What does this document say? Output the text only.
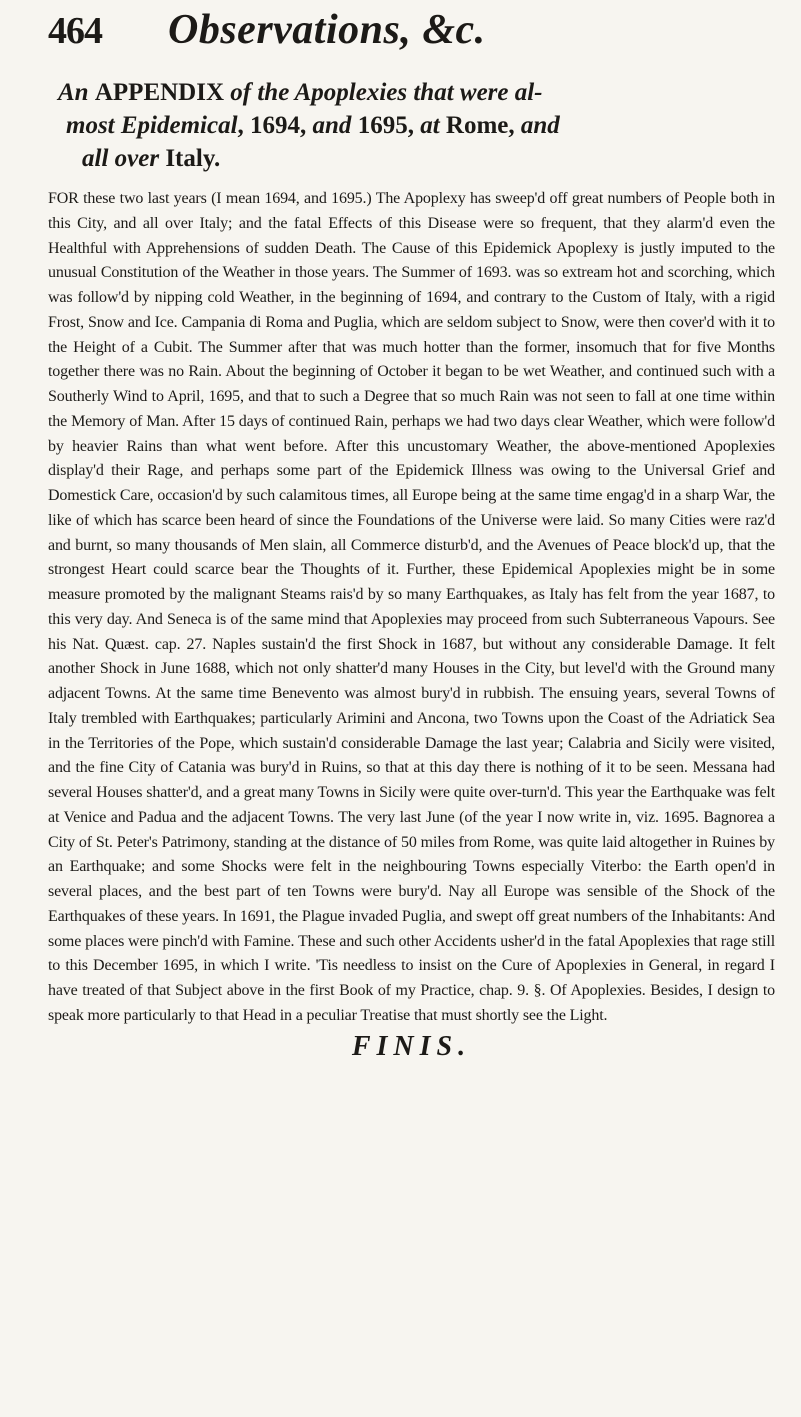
464	Observations, &c.
An APPENDIX of the Apoplexies that were al-
most Epidemical, 1694, and 1695, at Rome, and
all over Italy.

FOR these two last years (I mean 1694, and 1695.) The Apoplexy has sweep'd off great numbers of People both in this City, and all over Italy; and the fatal Effects of this Disease were so frequent, that they alarm'd even the Healthful with Apprehensions of sudden Death. The Cause of this Epidemick Apoplexy is justly imputed to the unusual Constitution of the Weather in those years. The Summer of 1693. was so extream hot and scorching, which was follow'd by nipping cold Weather, in the beginning of 1694, and contrary to the Custom of Italy, with a rigid Frost, Snow and Ice. Campania di Roma and Puglia, which are seldom subject to Snow, were then cover'd with it to the Height of a Cubit. The Summer after that was much hotter than the former, insomuch that for five Months together there was no Rain. About the beginning of October it began to be wet Weather, and continued such with a Southerly Wind to April, 1695, and that to such a Degree that so much Rain was not seen to fall at one time within the Memory of Man. After 15 days of continued Rain, perhaps we had two days clear Weather, which were follow'd by heavier Rains than what went before. After this uncustomary Weather, the above-mentioned Apoplexies display'd their Rage, and perhaps some part of the Epidemick Illness was owing to the Universal Grief and Domestick Care, occasion'd by such calamitous times, all Europe being at the same time engag'd in a sharp War, the like of which has scarce been heard of since the Foundations of the Universe were laid. So many Cities were raz'd and burnt, so many thousands of Men slain, all Commerce disturb'd, and the Avenues of Peace block'd up, that the strongest Heart could scarce bear the Thoughts of it. Further, these Epidemical Apoplexies might be in some measure promoted by the malignant Steams rais'd by so many Earthquakes, as Italy has felt from the year 1687, to this very day. And Seneca is of the same mind that Apoplexies may proceed from such Subterraneous Vapours. See his Nat. Quæst. cap. 27. Naples sustain'd the first Shock in 1687, but without any considerable Damage. It felt another Shock in June 1688, which not only shatter'd many Houses in the City, but level'd with the Ground many adjacent Towns. At the same time Benevento was almost bury'd in rubbish. The ensuing years, several Towns of Italy trembled with Earthquakes; particularly Arimini and Ancona, two Towns upon the Coast of the Adriatick Sea in the Territories of the Pope, which sustain'd considerable Damage the last year; Calabria and Sicily were visited, and the fine City of Catania was bury'd in Ruins, so that at this day there is nothing of it to be seen. Messana had several Houses shatter'd, and a great many Towns in Sicily were quite over-turn'd. This year the Earthquake was felt at Venice and Padua and the adjacent Towns. The very last June (of the year I now write in, viz. 1695. Bagnorea a City of St. Peter's Patrimony, standing at the distance of 50 miles from Rome, was quite laid altogether in Ruines by an Earthquake; and some Shocks were felt in the neighbouring Towns especially Viterbo: the Earth open'd in several places, and the best part of ten Towns were bury'd. Nay all Europe was sensible of the Shock of the Earthquakes of these years. In 1691, the Plague invaded Puglia, and swept off great numbers of the Inhabitants: And some places were pinch'd with Famine. These and such other Accidents usher'd in the fatal Apoplexies that rage still to this December 1695, in which I write. 'Tis needless to insist on the Cure of Apoplexies in General, in regard I have treated of that Subject above in the first Book of my Practice, chap. 9. §. Of Apoplexies. Besides, I design to speak more particularly to that Head in a peculiar Treatise that must shortly see the Light.

FINIS.
